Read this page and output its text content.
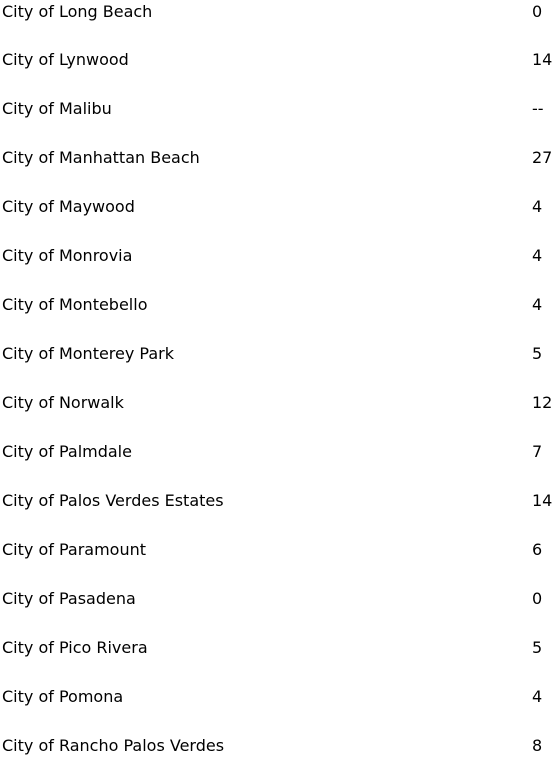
City of Long Beach	0
City of Lynwood	14
City of Malibu	--
City of Manhattan Beach	27
City of Maywood	4
City of Monrovia	4
City of Montebello	4
City of Monterey Park	5
City of Norwalk	12
City of Palmdale	7
City of Palos Verdes Estates	14
City of Paramount	6
City of Pasadena	0
City of Pico Rivera	5
City of Pomona	4
City of Rancho Palos Verdes	8
